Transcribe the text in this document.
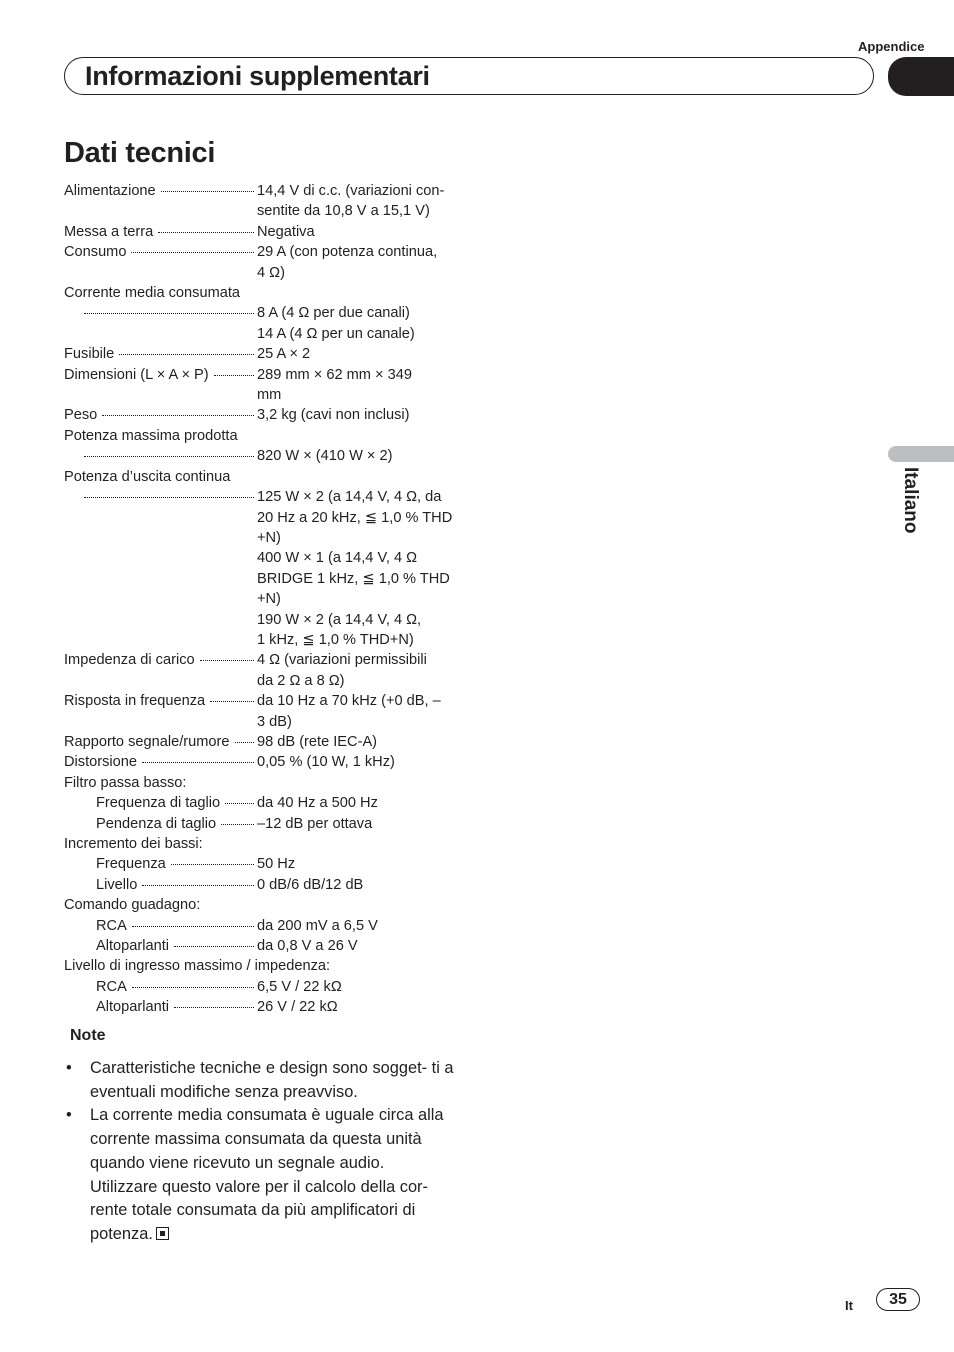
Appendice
Informazioni supplementari
Dati tecnici
Alimentazione	14,4 V di c.c. (variazioni con-
sentite da 10,8 V a 15,1 V)
Messa a terra	Negativa
Consumo	29 A (con potenza continua,
4 Ω)
Corrente media consumata
8 A (4 Ω per due canali)
14 A (4 Ω per un canale)
Fusibile	25 A × 2
Dimensioni (L × A × P)	289 mm × 62 mm × 349
mm
Peso	3,2 kg (cavi non inclusi)
Potenza massima prodotta
820 W × (410 W × 2)
Potenza d’uscita continua
125 W × 2 (a 14,4 V, 4 Ω, da
20 Hz a 20 kHz, ≦ 1,0 % THD
+N)
400 W × 1 (a 14,4 V, 4 Ω
BRIDGE 1 kHz, ≦ 1,0 % THD
+N)
190 W × 2 (a 14,4 V, 4 Ω,
1 kHz, ≦ 1,0 % THD+N)
Impedenza di carico	4 Ω (variazioni permissibili
da 2 Ω a 8 Ω)
Risposta in frequenza	da 10 Hz a 70 kHz (+0 dB, –
3 dB)
Rapporto segnale/rumore 98 dB (rete IEC-A)
Distorsione	0,05 % (10 W, 1 kHz)
Filtro passa basso:
Frequenza di taglio	da 40 Hz a 500 Hz
Pendenza di taglio	–12 dB per ottava
Incremento dei bassi:
Frequenza	50 Hz
Livello	0 dB/6 dB/12 dB
Comando guadagno:
RCA	da 200 mV a 6,5 V
Altoparlanti	da 0,8 V a 26 V
Livello di ingresso massimo / impedenza:
RCA	6,5 V / 22 kΩ
Altoparlanti	26 V / 22 kΩ
Note
• Caratteristiche tecniche e design sono sogget- ti a eventuali modifiche senza preavviso.
• La corrente media consumata è uguale circa alla corrente massima consumata da questa unità quando viene ricevuto un segnale audio. Utilizzare questo valore per il calcolo della cor- rente totale consumata da più amplificatori di potenza.
Italiano
It	35
